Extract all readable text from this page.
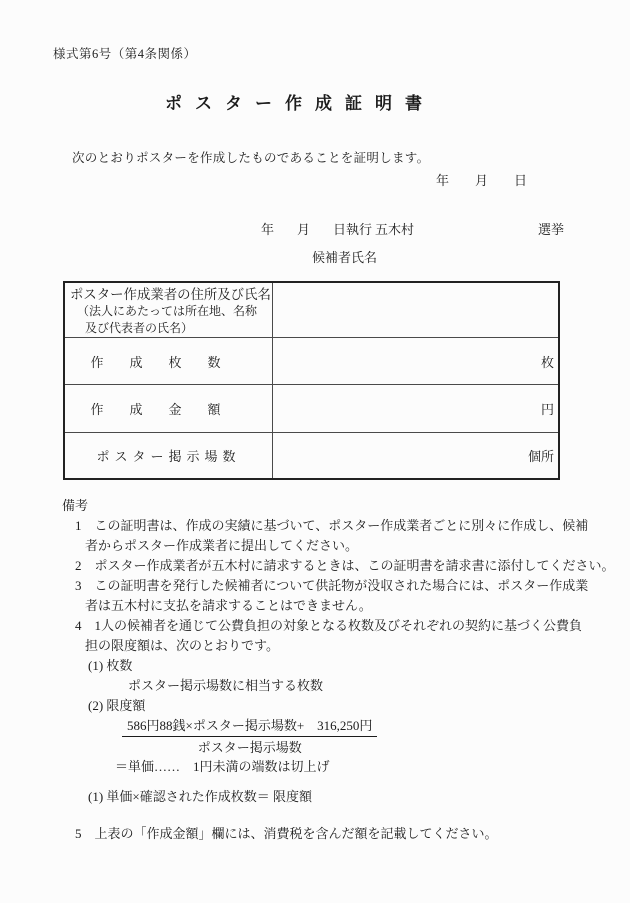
様式第6号（第4条関係）
ポスター作成証明書
次のとおりポスターを作成したものであることを証明します。
年　　月　　日
年 月 日執行 五木村	選挙
候補者氏名
ポスター作成業者の住所及び氏名
（法人にあたっては所在地、名称
及び代表者の氏名）
作成枚数	枚
作成金額	円
ポスター掲示場数	個所
備考
1　この証明書は、作成の実績に基づいて、ポスター作成業者ごとに別々に作成し、候補
者からポスター作成業者に提出してください。
2　ポスター作成業者が五木村に請求するときは、この証明書を請求書に添付してください。
3　この証明書を発行した候補者について供託物が没収された場合には、ポスター作成業
者は五木村に支払を請求することはできません。
4　1人の候補者を通じて公費負担の対象となる枚数及びそれぞれの契約に基づく公費負
担の限度額は、次のとおりです。
(1) 枚数
ポスター掲示場数に相当する枚数
(2) 限度額
586円88銭×ポスター掲示場数+　316,250円
ポスター掲示場数
＝単価……　1円未満の端数は切上げ
(1) 単価×確認された作成枚数＝ 限度額
5　上表の「作成金額」欄には、消費税を含んだ額を記載してください。
